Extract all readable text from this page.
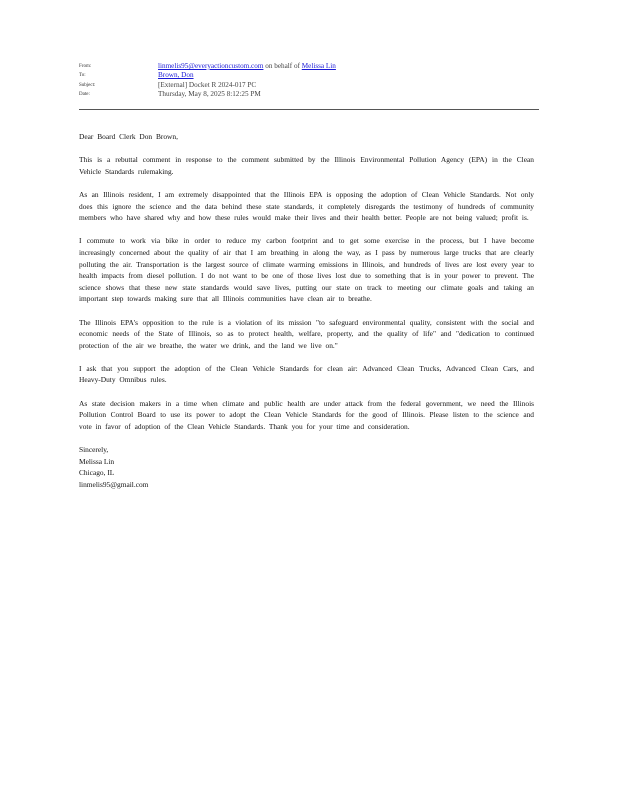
From:	linmelis95@everyactioncustom.com on behalf of Melissa Lin
To:	Brown, Don
Subject:	[External] Docket R 2024-017 PC
Date:	Thursday, May 8, 2025 8:12:25 PM

Dear Board Clerk Don Brown,

This is a rebuttal comment in response to the comment submitted by the Illinois Environmental Pollution Agency (EPA) in the Clean Vehicle Standards rulemaking.

As an Illinois resident, I am extremely disappointed that the Illinois EPA is opposing the adoption of Clean Vehicle Standards. Not only does this ignore the science and the data behind these state standards, it completely disregards the testimony of hundreds of community members who have shared why and how these rules would make their lives and their health better. People are not being valued; profit is.

I commute to work via bike in order to reduce my carbon footprint and to get some exercise in the process, but I have become increasingly concerned about the quality of air that I am breathing in along the way, as I pass by numerous large trucks that are clearly polluting the air. Transportation is the largest source of climate warming emissions in Illinois, and hundreds of lives are lost every year to health impacts from diesel pollution. I do not want to be one of those lives lost due to something that is in your power to prevent. The science shows that these new state standards would save lives, putting our state on track to meeting our climate goals and taking an important step towards making sure that all Illinois communities have clean air to breathe.

The Illinois EPA's opposition to the rule is a violation of its mission "to safeguard environmental quality, consistent with the social and economic needs of the State of Illinois, so as to protect health, welfare, property, and the quality of life" and "dedication to continued protection of the air we breathe, the water we drink, and the land we live on."

I ask that you support the adoption of the Clean Vehicle Standards for clean air: Advanced Clean Trucks, Advanced Clean Cars, and Heavy-Duty Omnibus rules.

As state decision makers in a time when climate and public health are under attack from the federal government, we need the Illinois Pollution Control Board to use its power to adopt the Clean Vehicle Standards for the good of Illinois. Please listen to the science and vote in favor of adoption of the Clean Vehicle Standards. Thank you for your time and consideration.

Sincerely,
Melissa Lin
Chicago, IL
linmelis95@gmail.com
